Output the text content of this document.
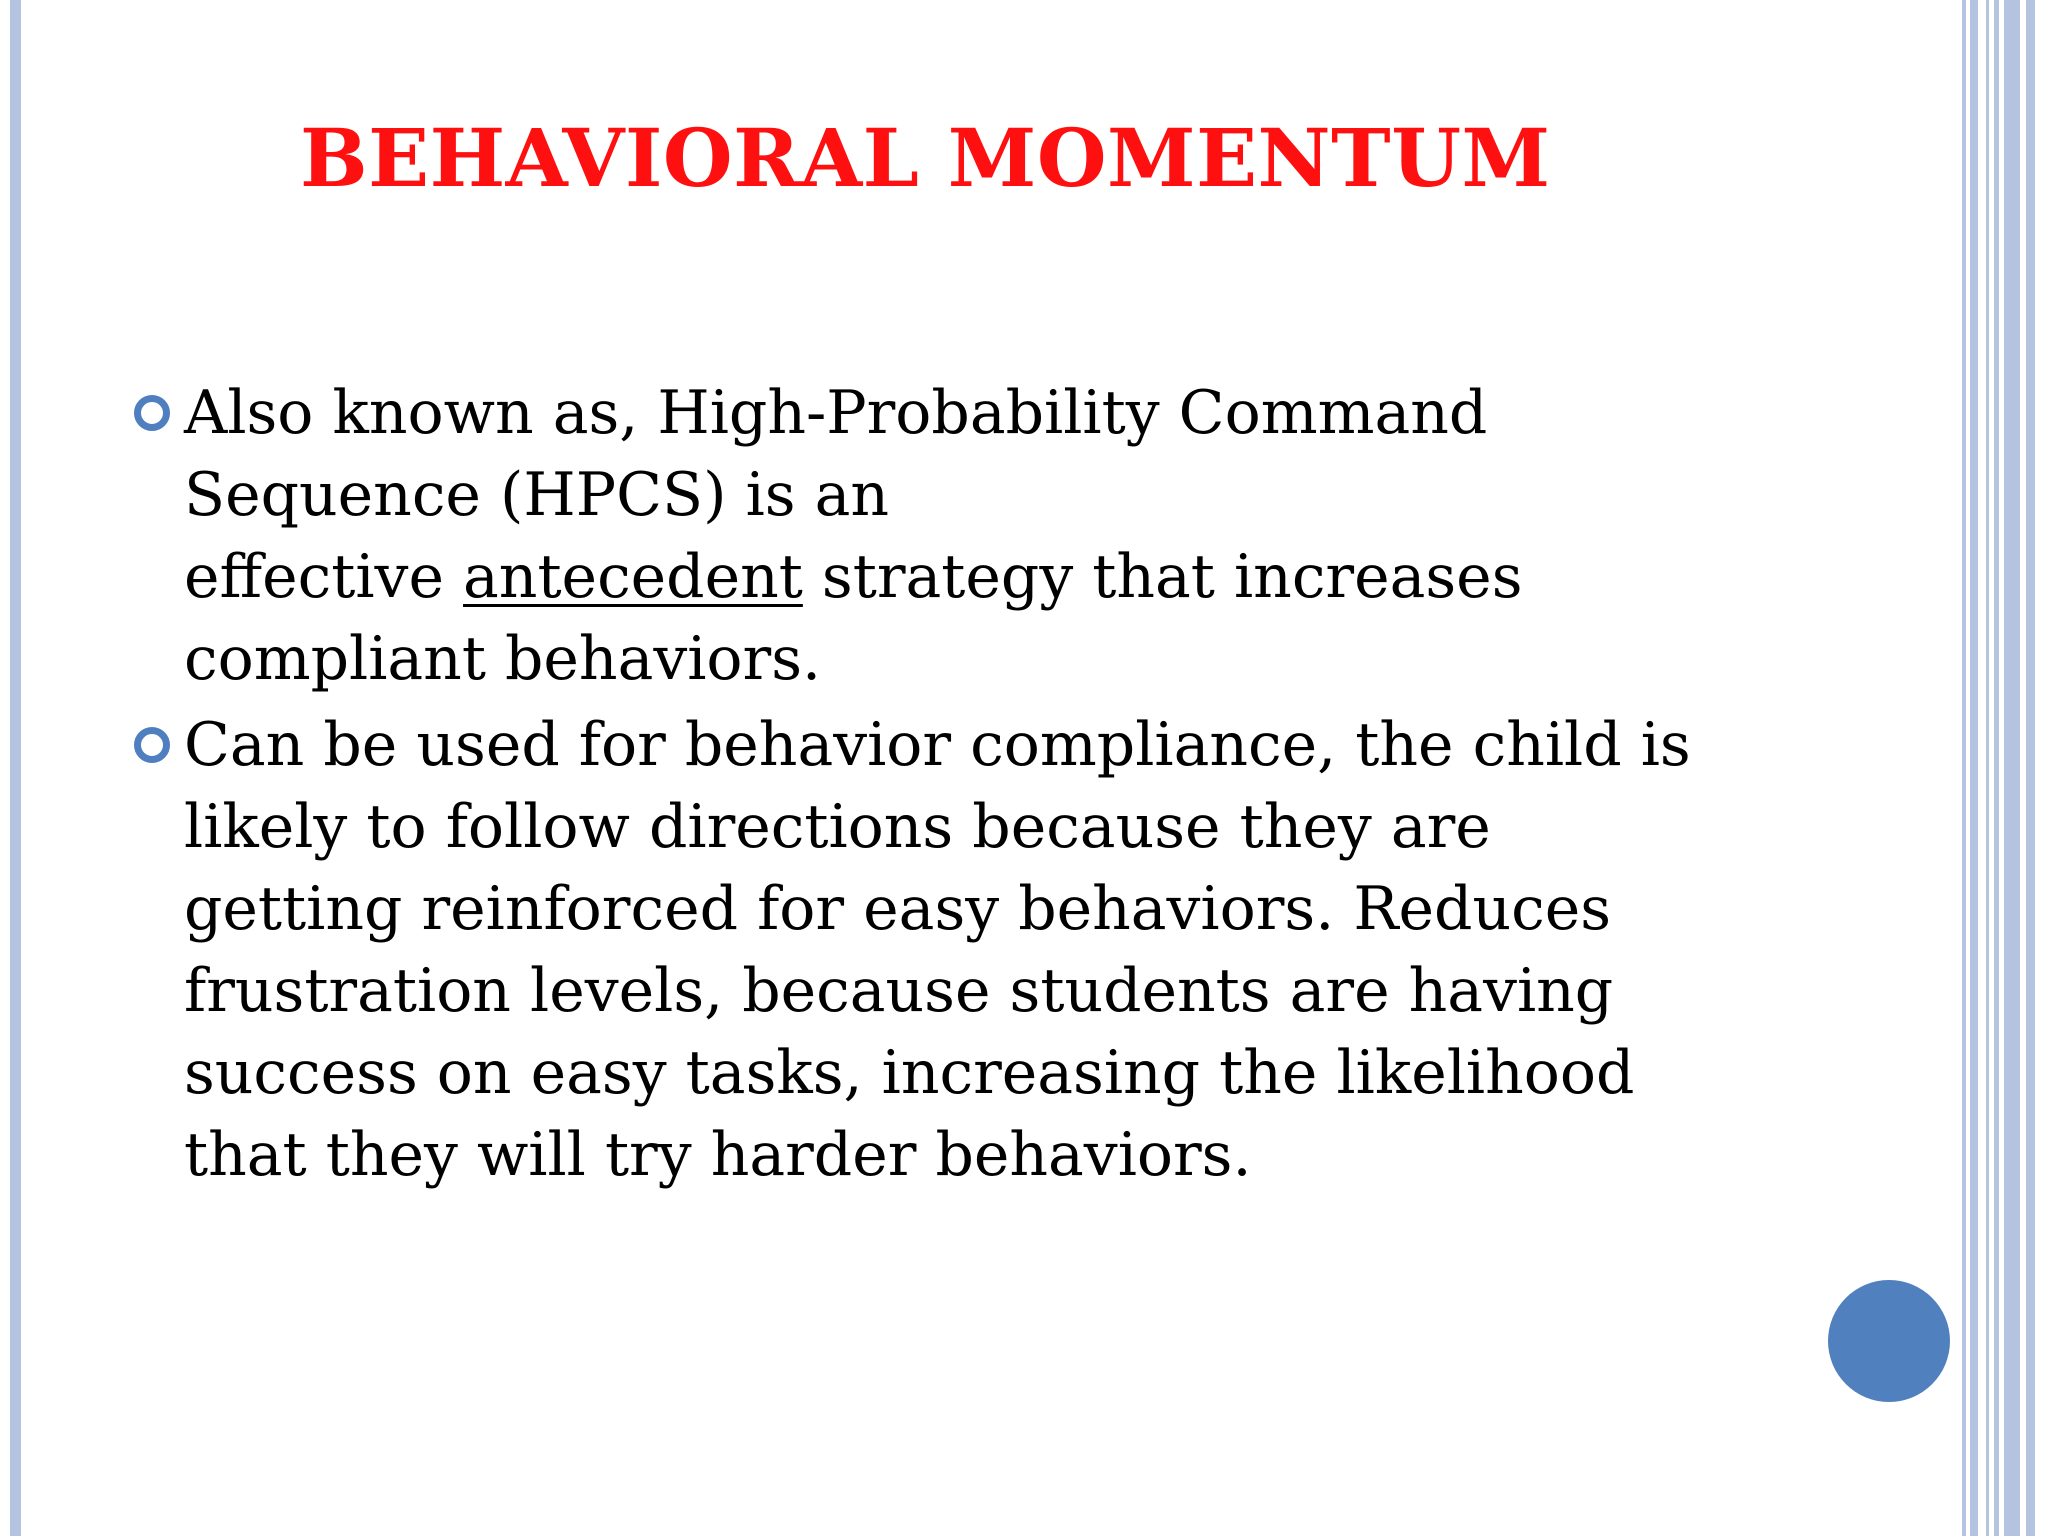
BEHAVIORAL MOMENTUM
Also known as, High-Probability Command
Sequence (HPCS) is an
effective antecedent strategy that increases
compliant behaviors.
Can be used for behavior compliance, the child is
likely to follow directions because they are
getting reinforced for easy behaviors. Reduces
frustration levels, because students are having
success on easy tasks, increasing the likelihood
that they will try harder behaviors.
